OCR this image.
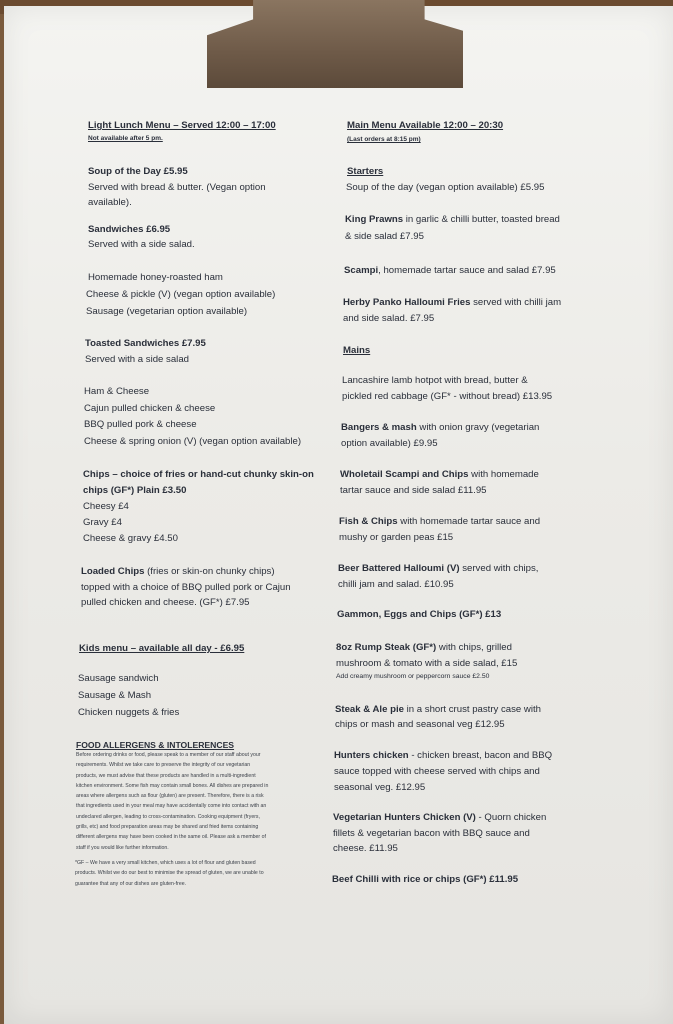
Light Lunch Menu – Served 12:00 – 17:00
Not available after 5 pm.
Soup of the Day £5.95
Served with bread & butter. (Vegan option
available).
Sandwiches £6.95
Served with a side salad.
Homemade honey-roasted ham
Cheese & pickle (V) (vegan option available)
Sausage (vegetarian option available)
Toasted Sandwiches £7.95
Served with a side salad
Ham & Cheese
Cajun pulled chicken & cheese
BBQ pulled pork & cheese
Cheese & spring onion (V) (vegan option available)
Chips – choice of fries or hand-cut chunky skin-on
chips (GF*) Plain £3.50
Cheesy £4
Gravy £4
Cheese & gravy £4.50
Loaded Chips (fries or skin-on chunky chips)
topped with a choice of BBQ pulled pork or Cajun
pulled chicken and cheese. (GF*) £7.95
Kids menu – available all day - £6.95
Sausage sandwich
Sausage & Mash
Chicken nuggets & fries
FOOD ALLERGENS & INTOLERENCES
Before ordering drinks or food, please speak to a member of our staff about your
requirements. Whilst we take care to preserve the integrity of our vegetarian
products, we must advise that these products are handled in a multi-ingredient
kitchen environment. Some fish may contain small bones. All dishes are prepared in
areas where allergens such as flour (gluten) are present. Therefore, there is a risk
that ingredients used in your meal may have accidentally come into contact with an
undeclared allergen, leading to cross-contamination. Cooking equipment (fryers,
grills, etc) and food preparation areas may be shared and fried items containing
different allergens may have been cooked in the same oil. Please ask a member of
staff if you would like further information.
*GF – We have a very small kitchen, which uses a lot of flour and gluten based
products. Whilst we do our best to minimise the spread of gluten, we are unable to
guarantee that any of our dishes are gluten-free.
Main Menu Available 12:00 – 20:30
(Last orders at 8:15 pm)
Starters
Soup of the day (vegan option available) £5.95
King Prawns in garlic & chilli butter, toasted bread
& side salad £7.95
Scampi, homemade tartar sauce and salad £7.95
Herby Panko Halloumi Fries served with chilli jam
and side salad. £7.95
Mains
Lancashire lamb hotpot with bread, butter &
pickled red cabbage (GF* - without bread) £13.95
Bangers & mash with onion gravy (vegetarian
option available) £9.95
Wholetail Scampi and Chips with homemade
tartar sauce and side salad £11.95
Fish & Chips with homemade tartar sauce and
mushy or garden peas £15
Beer Battered Halloumi (V) served with chips,
chilli jam and salad. £10.95
Gammon, Eggs and Chips (GF*) £13
8oz Rump Steak (GF*) with chips, grilled
mushroom & tomato with a side salad, £15
Add creamy mushroom or peppercorn sauce £2.50
Steak & Ale pie in a short crust pastry case with
chips or mash and seasonal veg £12.95
Hunters chicken - chicken breast, bacon and BBQ
sauce topped with cheese served with chips and
seasonal veg. £12.95
Vegetarian Hunters Chicken (V) - Quorn chicken
fillets & vegetarian bacon with BBQ sauce and
cheese. £11.95
Beef Chilli with rice or chips (GF*) £11.95
